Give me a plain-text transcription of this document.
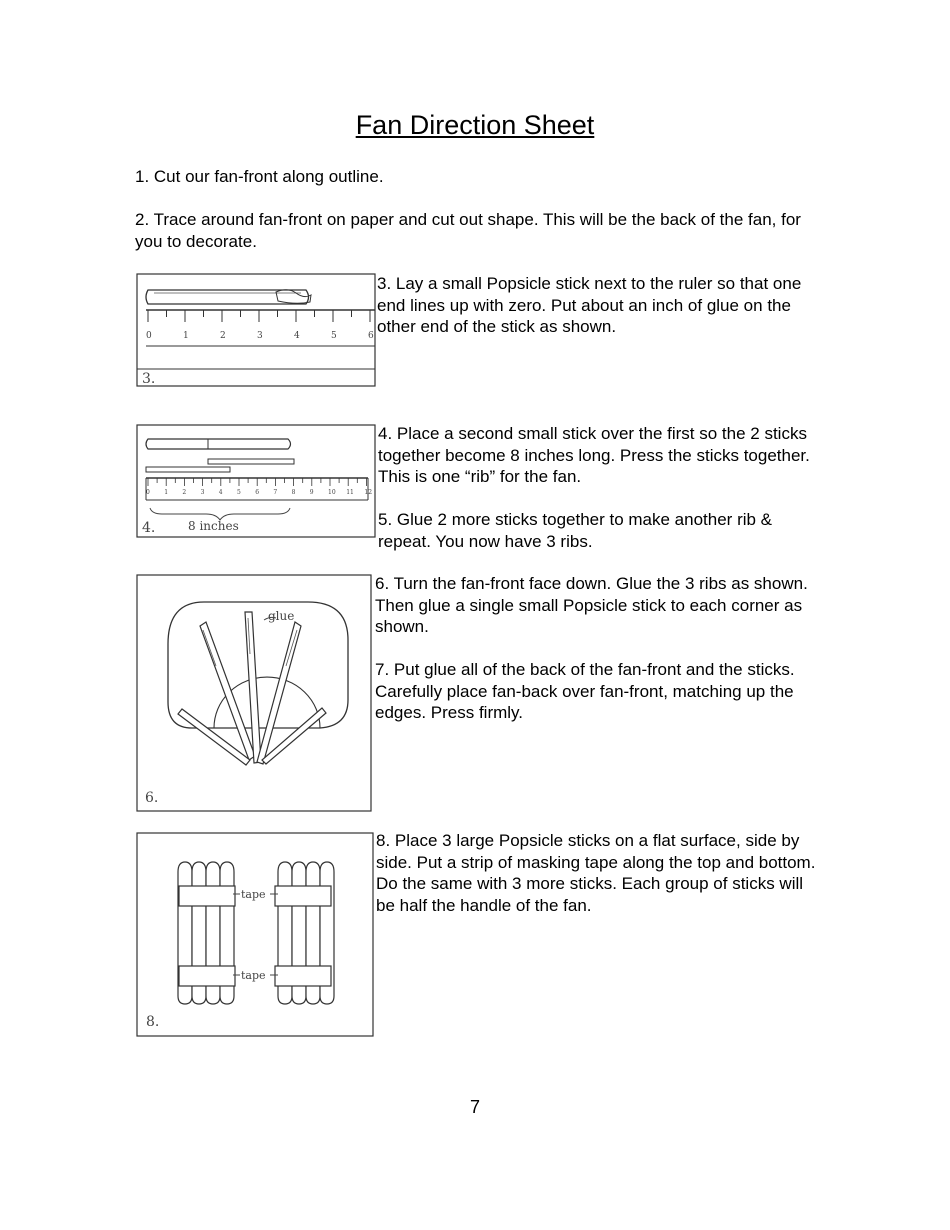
Fan Direction Sheet

1. Cut our fan-front along outline.

2. Trace around fan-front on paper and cut out shape. This will be the back of the fan, for you to decorate.

0	1	2	3	4	5	6
3.

3. Lay a small Popsicle stick next to the ruler so that one end lines up with zero. Put about an inch of glue on the other end of the stick as shown.

0 1 2 3 4 5 6 7 8 9 10 11 12
8 inches
4.

4. Place a second small stick over the first so the 2 sticks together become 8 inches long. Press the sticks together. This is one “rib” for the fan.

5. Glue 2 more sticks together to make another rib & repeat. You now have 3 ribs.

glue
6.

6. Turn the fan-front face down. Glue the 3 ribs as shown. Then glue a single small Popsicle stick to each corner as shown.

7. Put glue all of the back of the fan-front and the sticks. Carefully place fan-back over fan-front, matching up the edges. Press firmly.

tape
tape
8.

8. Place 3 large Popsicle sticks on a flat surface, side by side. Put a strip of masking tape along the top and bottom. Do the same with 3 more sticks. Each group of sticks will be half the handle of the fan.

7
